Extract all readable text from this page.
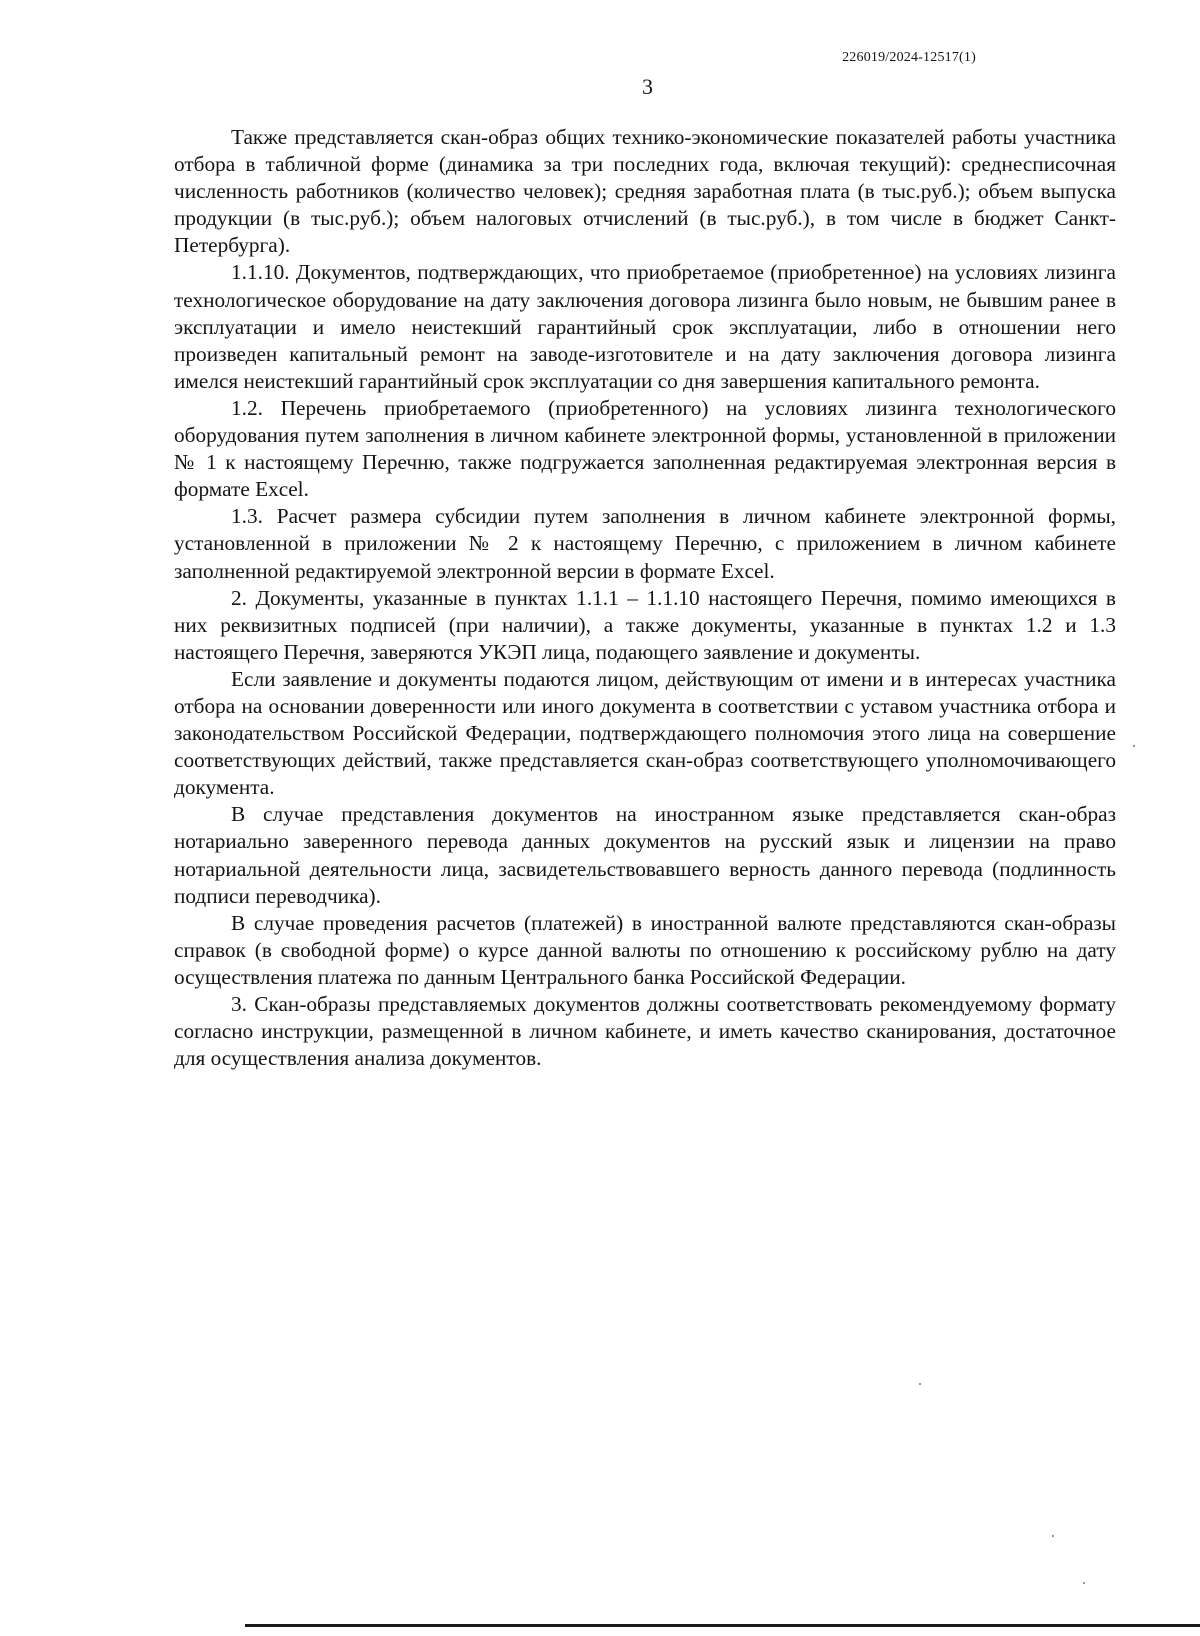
226019/2024-12517(1)
3

Также представляется скан-образ общих технико-экономические показателей работы участника отбора в табличной форме (динамика за три последних года, включая текущий): среднесписочная численность работников (количество человек); средняя заработная плата (в тыс.руб.); объем выпуска продукции (в тыс.руб.); объем налоговых отчислений (в тыс.руб.), в том числе в бюджет Санкт-Петербурга).

1.1.10. Документов, подтверждающих, что приобретаемое (приобретенное) на условиях лизинга технологическое оборудование на дату заключения договора лизинга было новым, не бывшим ранее в эксплуатации и имело неистекший гарантийный срок эксплуатации, либо в отношении него произведен капитальный ремонт на заводе-изготовителе и на дату заключения договора лизинга имелся неистекший гарантийный срок эксплуатации со дня завершения капитального ремонта.

1.2. Перечень приобретаемого (приобретенного) на условиях лизинга технологического оборудования путем заполнения в личном кабинете электронной формы, установленной в приложении № 1 к настоящему Перечню, также подгружается заполненная редактируемая электронная версия в формате Excel.

1.3. Расчет размера субсидии путем заполнения в личном кабинете электронной формы, установленной в приложении № 2 к настоящему Перечню, с приложением в личном кабинете заполненной редактируемой электронной версии в формате Excel.

2. Документы, указанные в пунктах 1.1.1 – 1.1.10 настоящего Перечня, помимо имеющихся в них реквизитных подписей (при наличии), а также документы, указанные в пунктах 1.2 и 1.3 настоящего Перечня, заверяются УКЭП лица, подающего заявление и документы.

Если заявление и документы подаются лицом, действующим от имени и в интересах участника отбора на основании доверенности или иного документа в соответствии с уставом участника отбора и законодательством Российской Федерации, подтверждающего полномочия этого лица на совершение соответствующих действий, также представляется скан-образ соответствующего уполномочивающего документа.

В случае представления документов на иностранном языке представляется скан-образ нотариально заверенного перевода данных документов на русский язык и лицензии на право нотариальной деятельности лица, засвидетельствовавшего верность данного перевода (подлинность подписи переводчика).

В случае проведения расчетов (платежей) в иностранной валюте представляются скан-образы справок (в свободной форме) о курсе данной валюты по отношению к российскому рублю на дату осуществления платежа по данным Центрального банка Российской Федерации.

3. Скан-образы представляемых документов должны соответствовать рекомендуемому формату согласно инструкции, размещенной в личном кабинете, и иметь качество сканирования, достаточное для осуществления анализа документов.
